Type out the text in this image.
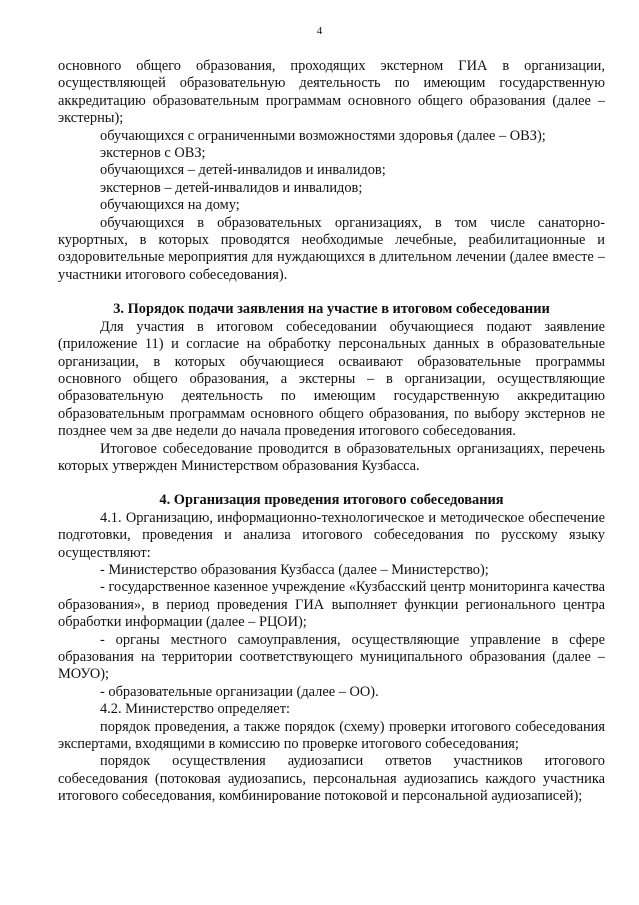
4

основного общего образования, проходящих экстерном ГИА в организации, осуществляющей образовательную деятельность по имеющим государственную аккредитацию образовательным программам основного общего образования (далее – экстерны);

обучающихся с ограниченными возможностями здоровья (далее – ОВЗ);

экстернов с ОВЗ;

обучающихся – детей-инвалидов и инвалидов;

экстернов – детей-инвалидов и инвалидов;

обучающихся на дому;

обучающихся в образовательных организациях, в том числе санаторно-курортных, в которых проводятся необходимые лечебные, реабилитационные и оздоровительные мероприятия для нуждающихся в длительном лечении (далее вместе – участники итогового собеседования).

3. Порядок подачи заявления на участие в итоговом собеседовании

Для участия в итоговом собеседовании обучающиеся подают заявление (приложение 11) и согласие на обработку персональных данных в образовательные организации, в которых обучающиеся осваивают образовательные программы основного общего образования, а экстерны – в организации, осуществляющие образовательную деятельность по имеющим государственную аккредитацию образовательным программам основного общего образования, по выбору экстернов не позднее чем за две недели до начала проведения итогового собеседования.

Итоговое собеседование проводится в образовательных организациях, перечень которых утвержден Министерством образования Кузбасса.

4. Организация проведения итогового собеседования

4.1. Организацию, информационно-технологическое и методическое обеспечение подготовки, проведения и анализа итогового собеседования по русскому языку осуществляют:

- Министерство образования Кузбасса (далее – Министерство);

- государственное казенное учреждение «Кузбасский центр мониторинга качества образования», в период проведения ГИА выполняет функции регионального центра обработки информации (далее – РЦОИ);

- органы местного самоуправления, осуществляющие управление в сфере образования на территории соответствующего муниципального образования (далее – МОУО);

- образовательные организации (далее – ОО).

4.2. Министерство определяет:

порядок проведения, а также порядок (схему) проверки итогового собеседования экспертами, входящими в комиссию по проверке итогового собеседования;

порядок осуществления аудиозаписи ответов участников итогового собеседования (потоковая аудиозапись, персональная аудиозапись каждого участника итогового собеседования, комбинирование потоковой и персональной аудиозаписей);
